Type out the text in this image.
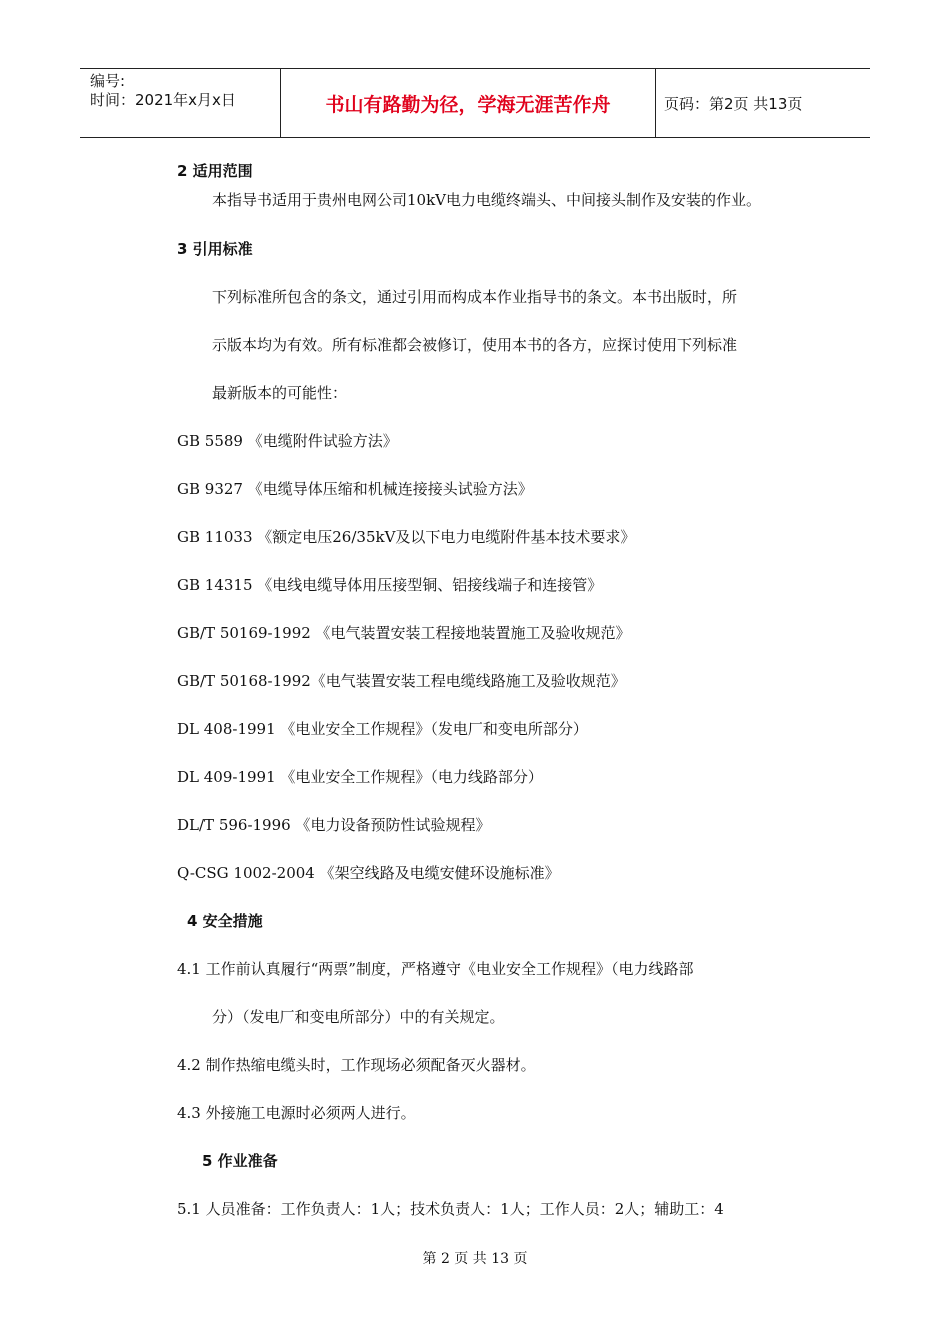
编号:
时间：2021年x月x日	书山有路勤为径，学海无涯苦作舟	页码：第2页 共13页
2 适用范围
本指导书适用于贵州电网公司10kV电力电缆终端头、中间接头制作及安装的作业。
3 引用标准
下列标准所包含的条文，通过引用而构成本作业指导书的条文。本书出版时，所
示版本均为有效。所有标准都会被修订，使用本书的各方，应探讨使用下列标准
最新版本的可能性：
GB 5589 《电缆附件试验方法》
GB 9327 《电缆导体压缩和机械连接接头试验方法》
GB 11033 《额定电压26/35kV及以下电力电缆附件基本技术要求》
GB 14315 《电线电缆导体用压接型铜、铝接线端子和连接管》
GB/T 50169-1992 《电气装置安装工程接地装置施工及验收规范》
GB/T 50168-1992《电气装置安装工程电缆线路施工及验收规范》
DL 408-1991 《电业安全工作规程》（发电厂和变电所部分）
DL 409-1991 《电业安全工作规程》（电力线路部分）
DL/T 596-1996 《电力设备预防性试验规程》
Q-CSG 1002-2004 《架空线路及电缆安健环设施标准》
4 安全措施
4.1 工作前认真履行“两票”制度，严格遵守《电业安全工作规程》（电力线路部
分）（发电厂和变电所部分）中的有关规定。
4.2 制作热缩电缆头时，工作现场必须配备灭火器材。
4.3 外接施工电源时必须两人进行。
5 作业准备
5.1 人员准备：工作负责人：1人；技术负责人：1人；工作人员：2人；辅助工：4
第 2 页 共 13 页
